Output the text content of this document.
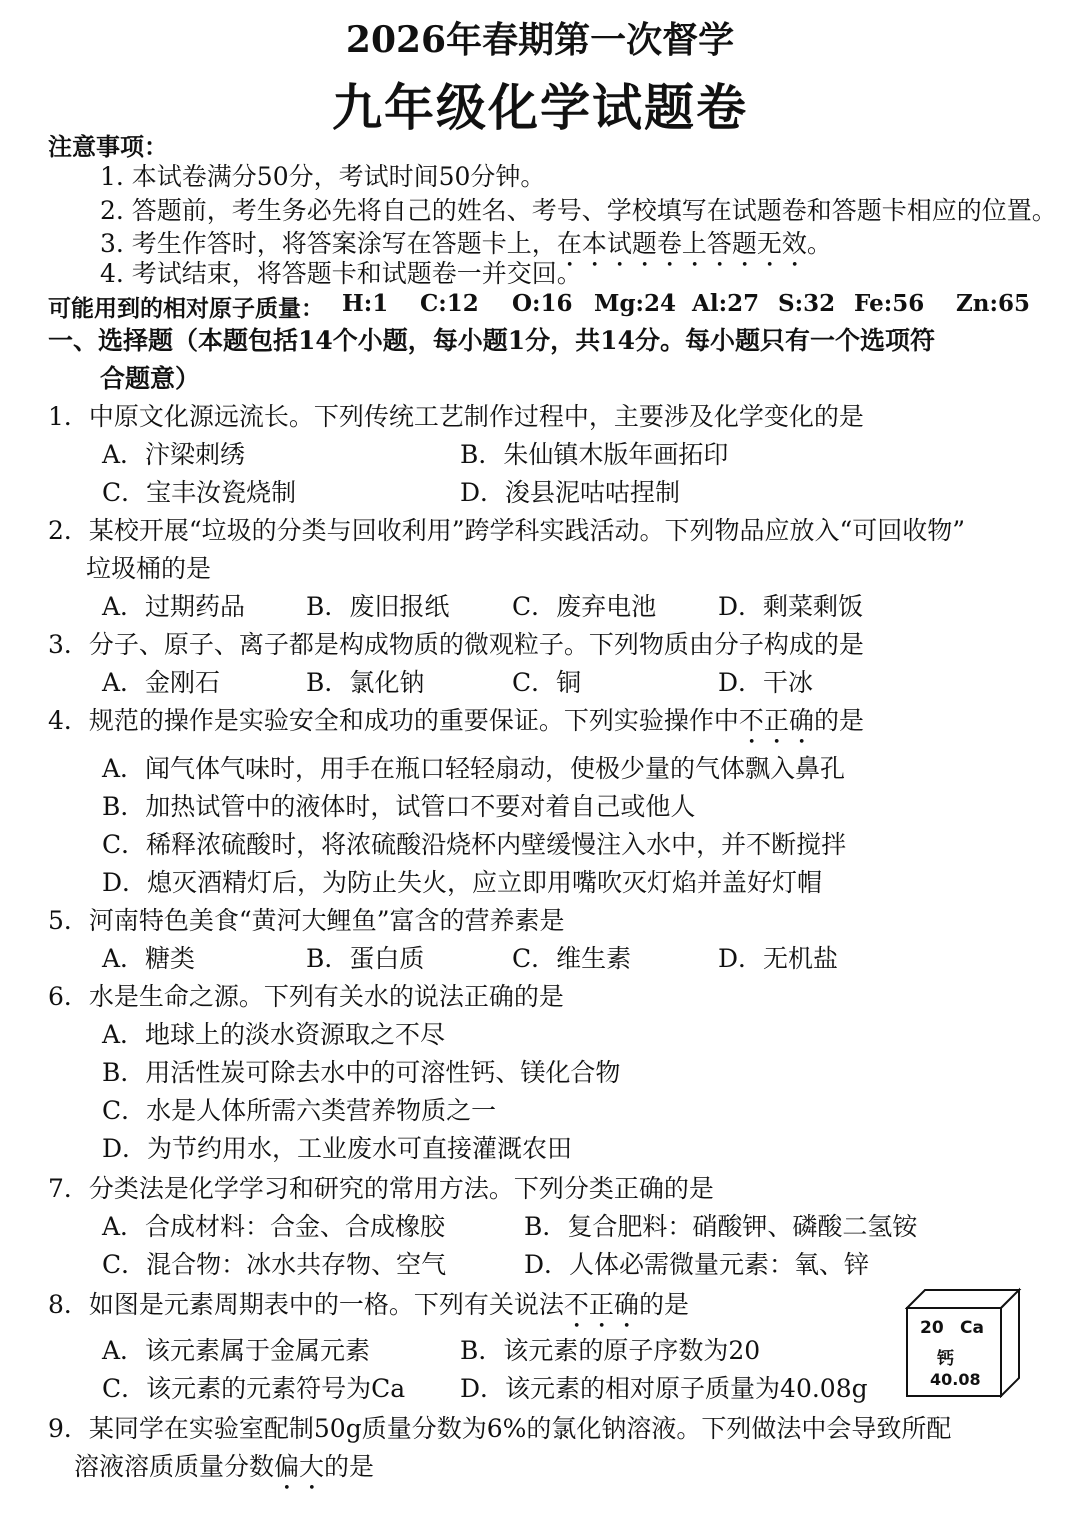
2026年春期第一次督学
九年级化学试题卷
注意事项：
1. 本试卷满分50分，考试时间50分钟。
2. 答题前，考生务必先将自己的姓名、考号、学校填写在试题卷和答题卡相应的位置。
3. 考生作答时，将答案涂写在答题卡上，在本试题卷上答题无效。
4. 考试结束，将答题卡和试题卷一并交回。
可能用到的相对原子质量： H:1 C:12 O:16 Mg:24 Al:27 S:32 Fe:56 Zn:65
一、选择题（本题包括14个小题，每小题1分，共14分。每小题只有一个选项符
合题意）
1．中原文化源远流长。下列传统工艺制作过程中，主要涉及化学变化的是
A．汴梁刺绣	B．朱仙镇木版年画拓印
C．宝丰汝瓷烧制	D．浚县泥咕咕捏制
2．某校开展“垃圾的分类与回收利用”跨学科实践活动。下列物品应放入“可回收物”
垃圾桶的是
A．过期药品 B．废旧报纸	C．废弃电池 D．剩菜剩饭
3．分子、原子、离子都是构成物质的微观粒子。下列物质由分子构成的是
A．金刚石	B．氯化钠	C．铜	D．干冰
4．规范的操作是实验安全和成功的重要保证。下列实验操作中不正确的是
A．闻气体气味时，用手在瓶口轻轻扇动，使极少量的气体飘入鼻孔
B．加热试管中的液体时，试管口不要对着自己或他人
C．稀释浓硫酸时，将浓硫酸沿烧杯内壁缓慢注入水中，并不断搅拌
D．熄灭酒精灯后，为防止失火，应立即用嘴吹灭灯焰并盖好灯帽
5．河南特色美食“黄河大鲤鱼”富含的营养素是
A．糖类	B．蛋白质	C．维生素	D．无机盐
6．水是生命之源。下列有关水的说法正确的是
A．地球上的淡水资源取之不尽
B．用活性炭可除去水中的可溶性钙、镁化合物
C．水是人体所需六类营养物质之一
D．为节约用水，工业废水可直接灌溉农田
7．分类法是化学学习和研究的常用方法。下列分类正确的是
A．合成材料：合金、合成橡胶	B．复合肥料：硝酸钾、磷酸二氢铵
C．混合物：冰水共存物、空气	D．人体必需微量元素：氧、锌
8．如图是元素周期表中的一格。下列有关说法不正确的是
A．该元素属于金属元素	B．该元素的原子序数为20
C．该元素的元素符号为Ca D．该元素的相对原子质量为40.08g
20 Ca
钙
40.08
9．某同学在实验室配制50g质量分数为6%的氯化钠溶液。下列做法中会导致所配
溶液溶质质量分数偏大的是
